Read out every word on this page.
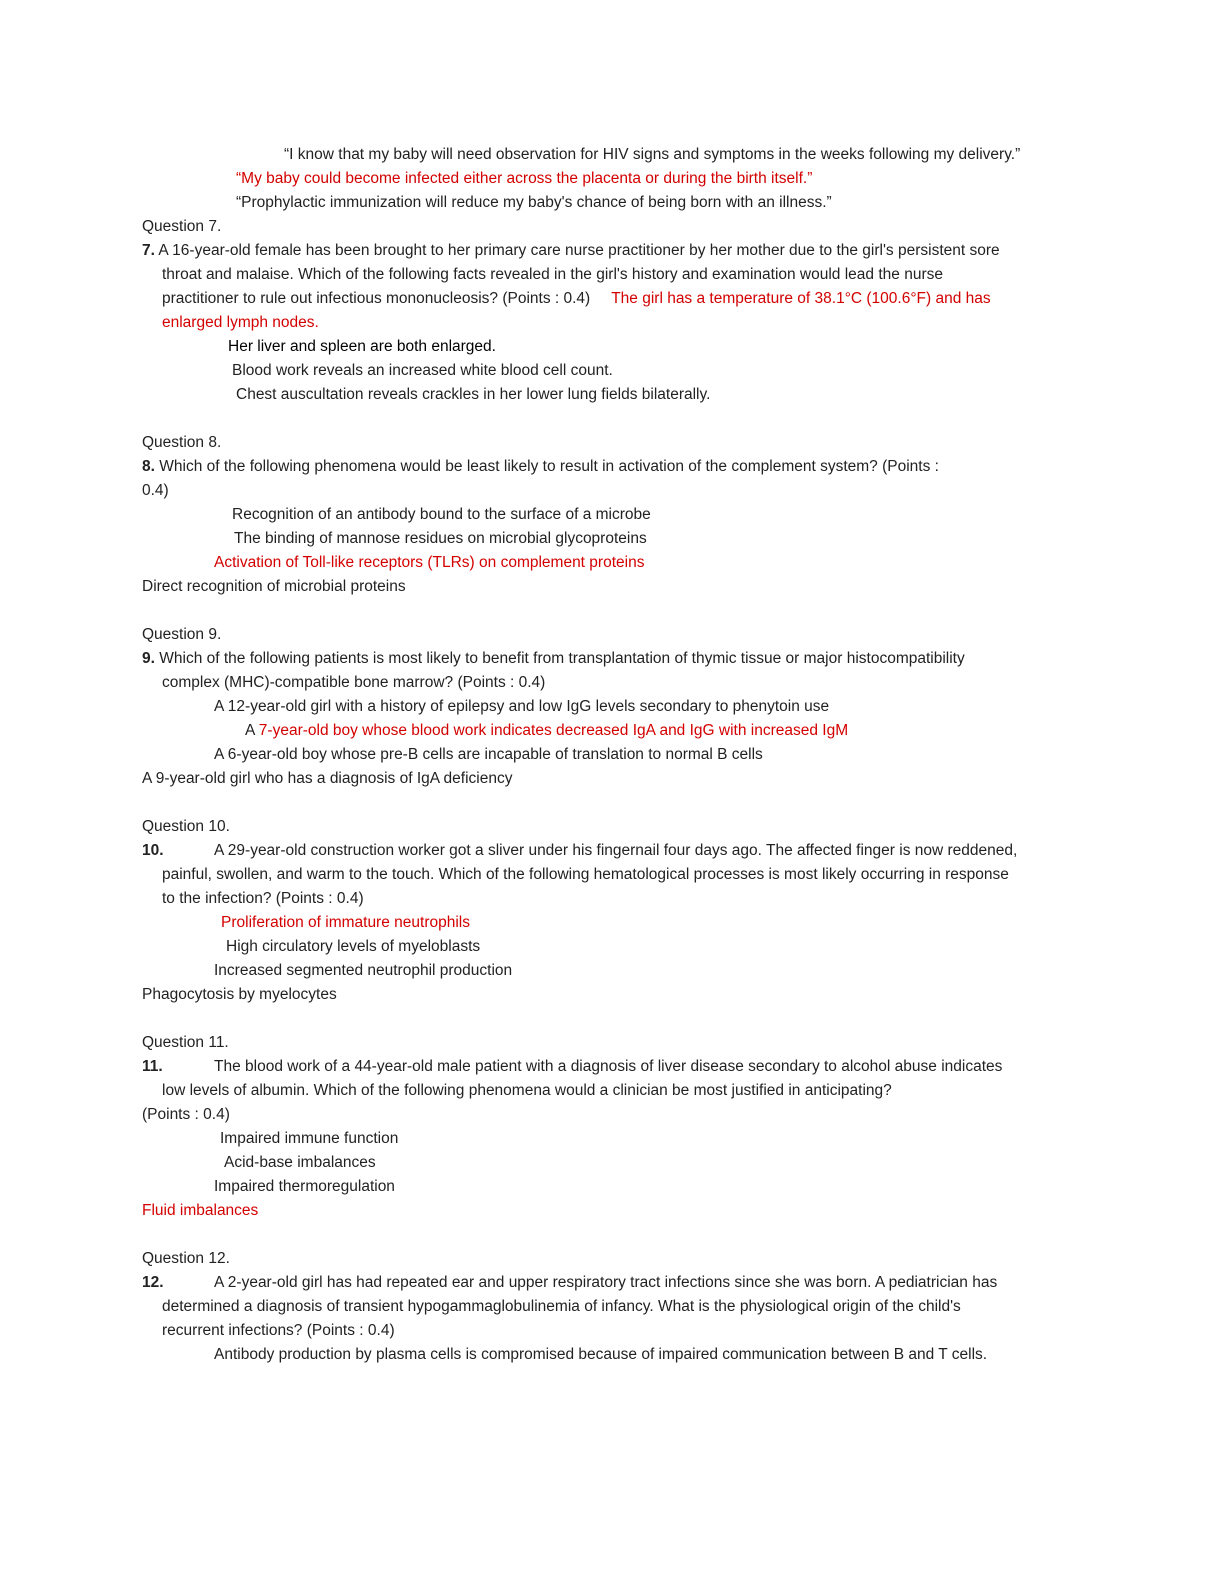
“I know that my baby will need observation for HIV signs and symptoms in the weeks following my delivery.”
“My baby could become infected either across the placenta or during the birth itself.”
“Prophylactic immunization will reduce my baby's chance of being born with an illness.”
Question 7.
7. A 16-year-old female has been brought to her primary care nurse practitioner by her mother due to the girl's persistent sore
throat and malaise. Which of the following facts revealed in the girl's history and examination would lead the nurse
practitioner to rule out infectious mononucleosis? (Points : 0.4) The girl has a temperature of 38.1°C (100.6°F) and has
enlarged lymph nodes.
Her liver and spleen are both enlarged.
Blood work reveals an increased white blood cell count.
Chest auscultation reveals crackles in her lower lung fields bilaterally.
Question 8.
8. Which of the following phenomena would be least likely to result in activation of the complement system? (Points :
0.4)
Recognition of an antibody bound to the surface of a microbe
The binding of mannose residues on microbial glycoproteins
Activation of Toll-like receptors (TLRs) on complement proteins
Direct recognition of microbial proteins
Question 9.
9. Which of the following patients is most likely to benefit from transplantation of thymic tissue or major histocompatibility
complex (MHC)-compatible bone marrow? (Points : 0.4)
A 12-year-old girl with a history of epilepsy and low IgG levels secondary to phenytoin use
A 7-year-old boy whose blood work indicates decreased IgA and IgG with increased IgM
A 6-year-old boy whose pre-B cells are incapable of translation to normal B cells
A 9-year-old girl who has a diagnosis of IgA deficiency
Question 10.
10.	A 29-year-old construction worker got a sliver under his fingernail four days ago. The affected finger is now reddened,
painful, swollen, and warm to the touch. Which of the following hematological processes is most likely occurring in response
to the infection? (Points : 0.4)
Proliferation of immature neutrophils
High circulatory levels of myeloblasts
Increased segmented neutrophil production
Phagocytosis by myelocytes
Question 11.
11.	The blood work of a 44-year-old male patient with a diagnosis of liver disease secondary to alcohol abuse indicates
low levels of albumin. Which of the following phenomena would a clinician be most justified in anticipating?
(Points : 0.4)
Impaired immune function
Acid-base imbalances
Impaired thermoregulation
Fluid imbalances
Question 12.
12.	A 2-year-old girl has had repeated ear and upper respiratory tract infections since she was born. A pediatrician has
determined a diagnosis of transient hypogammaglobulinemia of infancy. What is the physiological origin of the child's
recurrent infections? (Points : 0.4)
Antibody production by plasma cells is compromised because of impaired communication between B and T cells.
